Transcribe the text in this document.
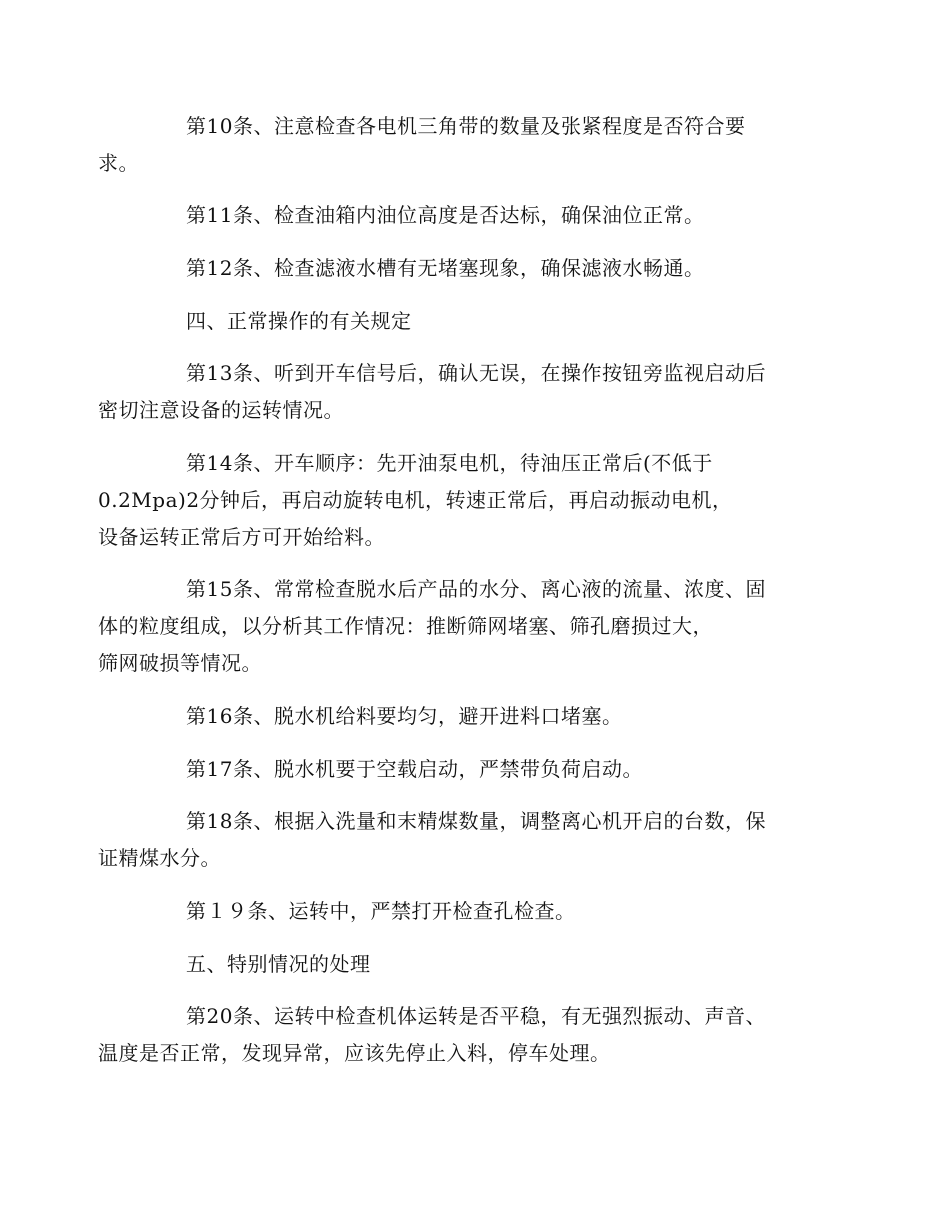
第10条、注意检查各电机三角带的数量及张紧程度是否符合要
求。

第11条、检查油箱内油位高度是否达标，确保油位正常。

第12条、检查滤液水槽有无堵塞现象，确保滤液水畅通。

四、正常操作的有关规定

第13条、听到开车信号后，确认无误，在操作按钮旁监视启动后
密切注意设备的运转情况。

第14条、开车顺序：先开油泵电机，待油压正常后(不低于
0.2Mpa)2分钟后，再启动旋转电机，转速正常后，再启动振动电机，
设备运转正常后方可开始给料。

第15条、常常检查脱水后产品的水分、离心液的流量、浓度、固
体的粒度组成，以分析其工作情况：推断筛网堵塞、筛孔磨损过大，
筛网破损等情况。

第16条、脱水机给料要均匀，避开进料口堵塞。

第17条、脱水机要于空载启动，严禁带负荷启动。

第18条、根据入洗量和末精煤数量，调整离心机开启的台数，保
证精煤水分。

第１９条、运转中，严禁打开检查孔检查。

五、特别情况的处理

第20条、运转中检查机体运转是否平稳，有无强烈振动、声音、
温度是否正常，发现异常，应该先停止入料，停车处理。
